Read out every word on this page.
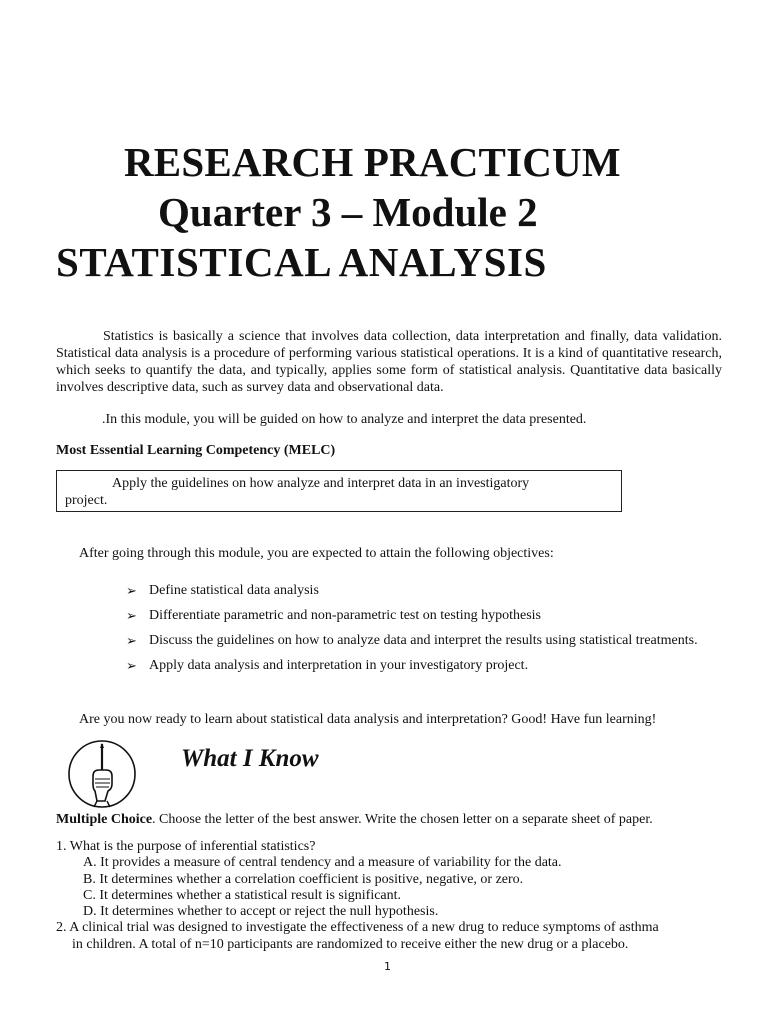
RESEARCH PRACTICUM
Quarter 3 – Module 2
STATISTICAL ANALYSIS

Statistics is basically a science that involves data collection, data interpretation and finally, data validation. Statistical data analysis is a procedure of performing various statistical operations. It is a kind of quantitative research, which seeks to quantify the data, and typically, applies some form of statistical analysis. Quantitative data basically involves descriptive data, such as survey data and observational data.

.In this module, you will be guided on how to analyze and interpret the data presented.
Most Essential Learning Competency (MELC)
Apply the guidelines on how analyze and interpret data in an investigatory
project.
After going through this module, you are expected to attain the following objectives:
➢ Define statistical data analysis
➢ Differentiate parametric and non-parametric test on testing hypothesis
➢ Discuss the guidelines on how to analyze data and interpret the results using statistical treatments.
➢ Apply data analysis and interpretation in your investigatory project.
Are you now ready to learn about statistical data analysis and interpretation? Good! Have fun learning!
What I Know
Multiple Choice. Choose the letter of the best answer. Write the chosen letter on a separate sheet of paper.

1. What is the purpose of inferential statistics?

A. It provides a measure of central tendency and a measure of variability for the data.

B. It determines whether a correlation coefficient is positive, negative, or zero.

C. It determines whether a statistical result is significant.

D. It determines whether to accept or reject the null hypothesis.

2. A clinical trial was designed to investigate the effectiveness of a new drug to reduce symptoms of asthma

in children. A total of n=10 participants are randomized to receive either the new drug or a placebo.

1
